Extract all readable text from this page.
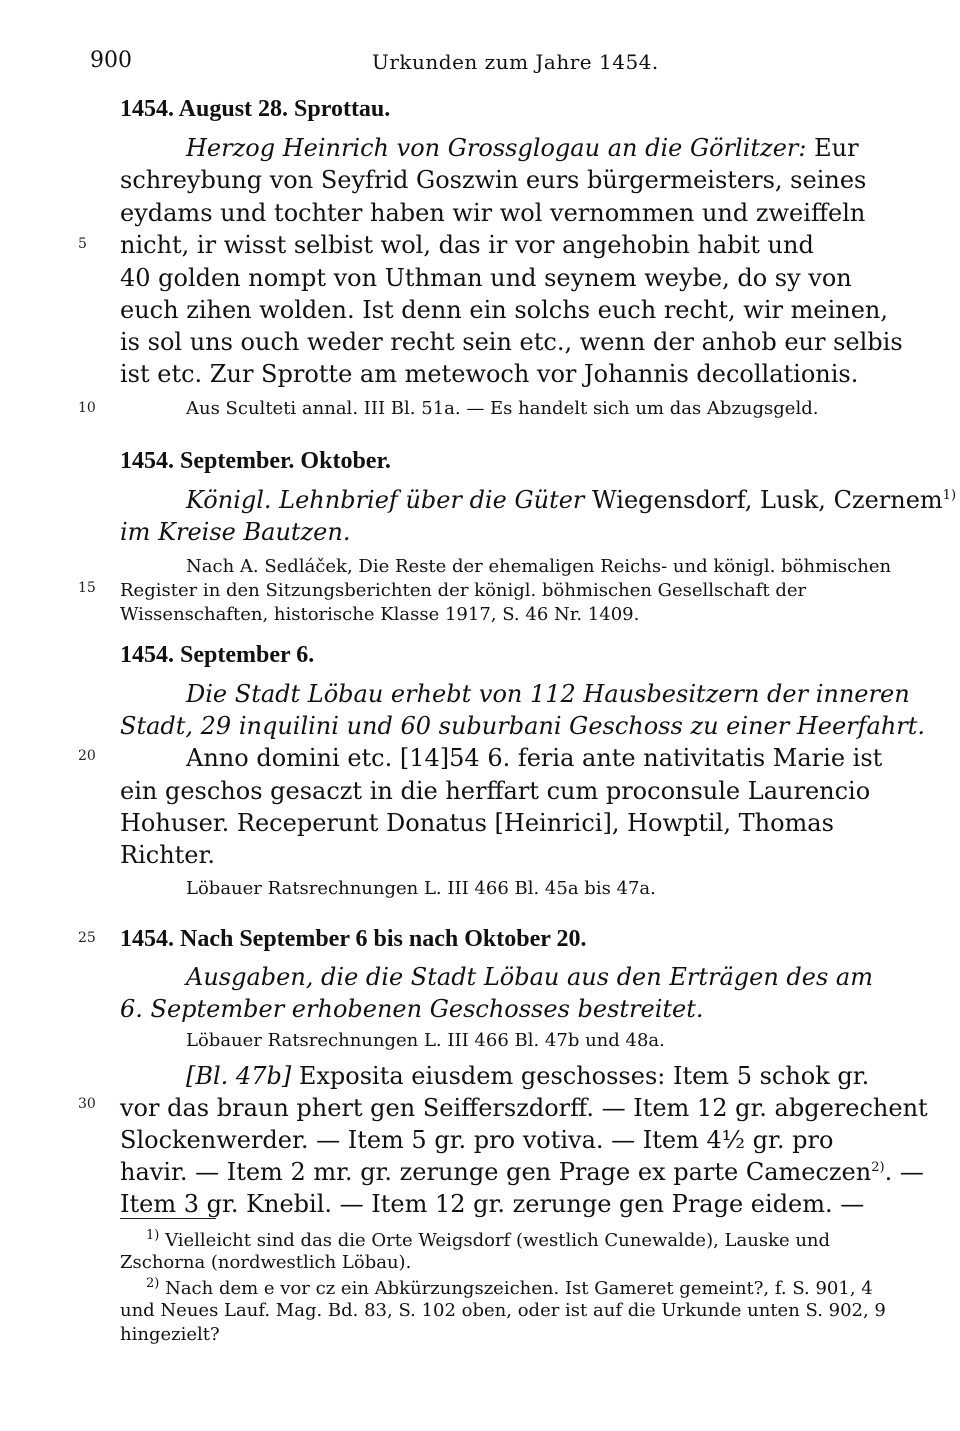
900	Urkunden zum Jahre 1454.
5
10
15
20
25
30
1454. August 28. Sprottau.
Herzog Heinrich von Grossglogau an die Görlitzer: Eur
schreybung von Seyfrid Goszwin eurs bürgermeisters, seines
eydams und tochter haben wir wol vernommen und zweiffeln
nicht, ir wisst selbist wol, das ir vor angehobin habit und
40 golden nompt von Uthman und seynem weybe, do sy von
euch zihen wolden. Ist denn ein solchs euch recht, wir meinen,
is sol uns ouch weder recht sein etc., wenn der anhob eur selbis
ist etc. Zur Sprotte am metewoch vor Johannis decollationis.
Aus Sculteti annal. III Bl. 51a. — Es handelt sich um das Abzugsgeld.
1454. September. Oktober.
Königl. Lehnbrief über die Güter Wiegensdorf, Lusk, Czernem$^{1)}$
im Kreise Bautzen.
Nach A. Sedláček, Die Reste der ehemaligen Reichs- und königl. böhmischen
Register in den Sitzungsberichten der königl. böhmischen Gesellschaft der
Wissenschaften, historische Klasse 1917, S. 46 Nr. 1409.
1454. September 6.
Die Stadt Löbau erhebt von 112 Hausbesitzern der inneren
Stadt, 29 inquilini und 60 suburbani Geschoss zu einer Heerfahrt.
Anno domini etc. [14]54 6. feria ante nativitatis Marie ist
ein geschos gesaczt in die herffart cum proconsule Laurencio
Hohuser. Receperunt Donatus [Heinrici], Howptil, Thomas
Richter.
Löbauer Ratsrechnungen L. III 466 Bl. 45a bis 47a.
1454. Nach September 6 bis nach Oktober 20.
Ausgaben, die die Stadt Löbau aus den Erträgen des am
6. September erhobenen Geschosses bestreitet.
Löbauer Ratsrechnungen L. III 466 Bl. 47b und 48a.
[Bl. 47b] Exposita eiusdem geschosses: Item 5 schok gr.
vor das braun phert gen Seifferszdorff. — Item 12 gr. abgerechent
Slockenwerder. — Item 5 gr. pro votiva. — Item 4½ gr. pro
havir. — Item 2 mr. gr. zerunge gen Prage ex parte Cameczen$^{2)}$. —
Item 3 gr. Knebil. — Item 12 gr. zerunge gen Prage eidem. —
$^{1)}$ Vielleicht sind das die Orte Weigsdorf (westlich Cunewalde), Lauske und
Zschorna (nordwestlich Löbau).
$^{2)}$ Nach dem e vor cz ein Abkürzungszeichen. Ist Gameret gemeint?, f. S. 901, 4
und Neues Lauf. Mag. Bd. 83, S. 102 oben, oder ist auf die Urkunde unten S. 902, 9
hingezielt?
